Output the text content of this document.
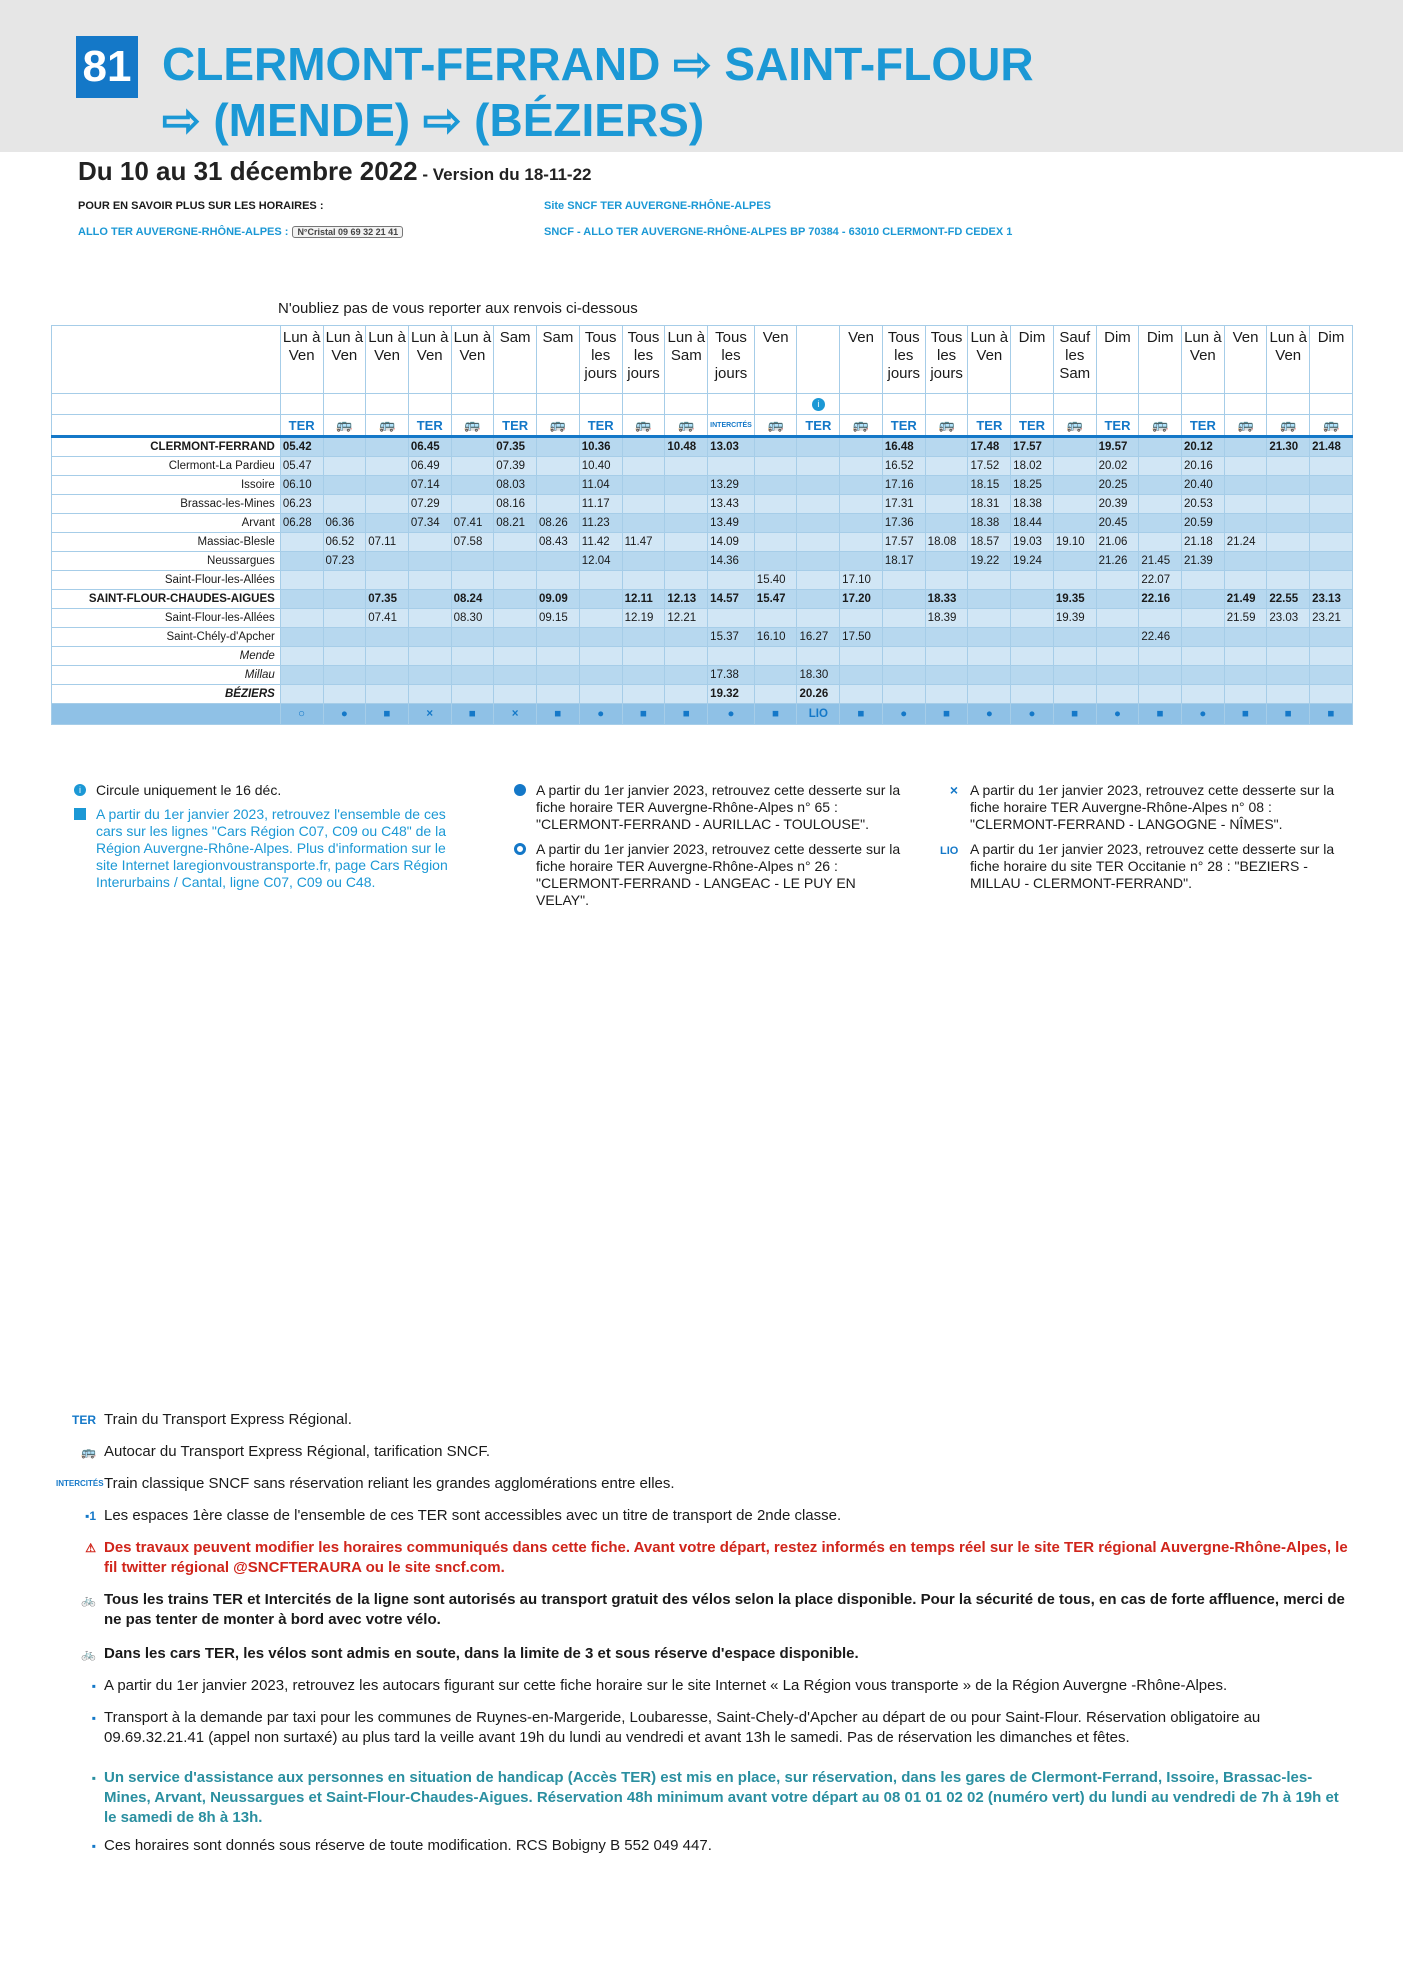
81 CLERMONT-FERRAND ⇨ SAINT-FLOUR
⇨ (MENDE) ⇨ (BÉZIERS)
Du 10 au 31 décembre 2022 - Version du 18-11-22
POUR EN SAVOIR PLUS SUR LES HORAIRES :
ALLO TER AUVERGNE-RHÔNE-ALPES : N°Cristal 09 69 32 21 41
Site SNCF TER AUVERGNE-RHÔNE-ALPES
SNCF - ALLO TER AUVERGNE-RHÔNE-ALPES BP 70384 - 63010 CLERMONT-FD CEDEX 1
N'oubliez pas de vous reporter aux renvois ci-dessous
	Lun à Ven	Lun à Ven	Lun à Ven	Lun à Ven	Lun à Ven	Sam	Sam	Tous les jours	Tous les jours	Lun à Sam	Tous les jours	Ven		Ven	Tous les jours	Tous les jours	Lun à Ven	Dim	Sauf les Sam	Dim	Dim	Lun à Ven	Ven	Lun à Ven	Dim
													i												
	TER	🚌	🚌	TER	🚌	TER	🚌	TER	🚌	🚌	INTERCITÉS	🚌	TER	🚌	TER	🚌	TER	TER	🚌	TER	🚌	TER	🚌	🚌	🚌
CLERMONT-FERRAND	05.42			06.45		07.35		10.36		10.48	13.03				16.48		17.48	17.57		19.57		20.12		21.30	21.48
Clermont-La Pardieu	05.47			06.49		07.39		10.40							16.52		17.52	18.02		20.02		20.16			
Issoire	06.10			07.14		08.03		11.04			13.29				17.16		18.15	18.25		20.25		20.40			
Brassac-les-Mines	06.23			07.29		08.16		11.17			13.43				17.31		18.31	18.38		20.39		20.53			
Arvant	06.28	06.36		07.34	07.41	08.21	08.26	11.23			13.49				17.36		18.38	18.44		20.45		20.59			
Massiac-Blesle		06.52	07.11		07.58		08.43	11.42	11.47		14.09				17.57	18.08	18.57	19.03	19.10	21.06		21.18	21.24		
Neussargues		07.23						12.04			14.36				18.17		19.22	19.24		21.26	21.45	21.39			
Saint-Flour-les-Allées												15.40		17.10							22.07				
SAINT-FLOUR-CHAUDES-AIGUES			07.35		08.24		09.09		12.11	12.13	14.57	15.47		17.20		18.33			19.35		22.16		21.49	22.55	23.13
Saint-Flour-les-Allées			07.41		08.30		09.15		12.19	12.21						18.39			19.39				21.59	23.03	23.21
Saint-Chély-d'Apcher											15.37	16.10	16.27	17.50							22.46				
Mende																									
Millau											17.38		18.30												
BÉZIERS											19.32		20.26												
	○	●	■	×	■	×	■	●	■	■	●	■	LIO	■	●	■	●	●	■	●	■	●	■	■	■
i	Circule uniquement le 16 déc.
A partir du 1er janvier 2023, retrouvez l'ensemble de ces cars sur les lignes "Cars Région C07, C09 ou C48" de la Région Auvergne-Rhône-Alpes. Plus d'information sur le site Internet laregionvoustransporte.fr, page Cars Région Interurbains / Cantal, ligne C07, C09 ou C48.
A partir du 1er janvier 2023, retrouvez cette desserte sur la fiche horaire TER Auvergne-Rhône-Alpes n° 65 : "CLERMONT-FERRAND - AURILLAC - TOULOUSE".
A partir du 1er janvier 2023, retrouvez cette desserte sur la fiche horaire TER Auvergne-Rhône-Alpes n° 26 : "CLERMONT-FERRAND - LANGEAC - LE PUY EN VELAY".
× A partir du 1er janvier 2023, retrouvez cette desserte sur la fiche horaire TER Auvergne-Rhône-Alpes n° 08 : "CLERMONT-FERRAND - LANGOGNE - NÎMES".
LIO A partir du 1er janvier 2023, retrouvez cette desserte sur la fiche horaire du site TER Occitanie n° 28 : "BEZIERS - MILLAU - CLERMONT-FERRAND".
TER Train du Transport Express Régional.
🚌 Autocar du Transport Express Régional, tarification SNCF.
INTERCITÉS Train classique SNCF sans réservation reliant les grandes agglomérations entre elles.
▪1 Les espaces 1ère classe de l'ensemble de ces TER sont accessibles avec un titre de transport de 2nde classe.
⚠ Des travaux peuvent modifier les horaires communiqués dans cette fiche. Avant votre départ, restez informés en temps réel sur le site TER régional Auvergne-Rhône-Alpes, le fil twitter régional @SNCFTERAURA ou le site sncf.com.
🚲 Tous les trains TER et Intercités de la ligne sont autorisés au transport gratuit des vélos selon la place disponible. Pour la sécurité de tous, en cas de forte affluence, merci de ne pas tenter de monter à bord avec votre vélo.
🚲 Dans les cars TER, les vélos sont admis en soute, dans la limite de 3 et sous réserve d'espace disponible.
▪ A partir du 1er janvier 2023, retrouvez les autocars figurant sur cette fiche horaire sur le site Internet « La Région vous transporte » de la Région Auvergne -Rhône-Alpes.
▪ Transport à la demande par taxi pour les communes de Ruynes-en-Margeride, Loubaresse, Saint-Chely-d'Apcher au départ de ou pour Saint-Flour. Réservation obligatoire au 09.69.32.21.41 (appel non surtaxé) au plus tard la veille avant 19h du lundi au vendredi et avant 13h le samedi. Pas de réservation les dimanches et fêtes.
▪ Un service d'assistance aux personnes en situation de handicap (Accès TER) est mis en place, sur réservation, dans les gares de Clermont-Ferrand, Issoire, Brassac-les-Mines, Arvant, Neussargues et Saint-Flour-Chaudes-Aigues. Réservation 48h minimum avant votre départ au 08 01 01 02 02 (numéro vert) du lundi au vendredi de 7h à 19h et le samedi de 8h à 13h.
▪ Ces horaires sont donnés sous réserve de toute modification. RCS Bobigny B 552 049 447.
